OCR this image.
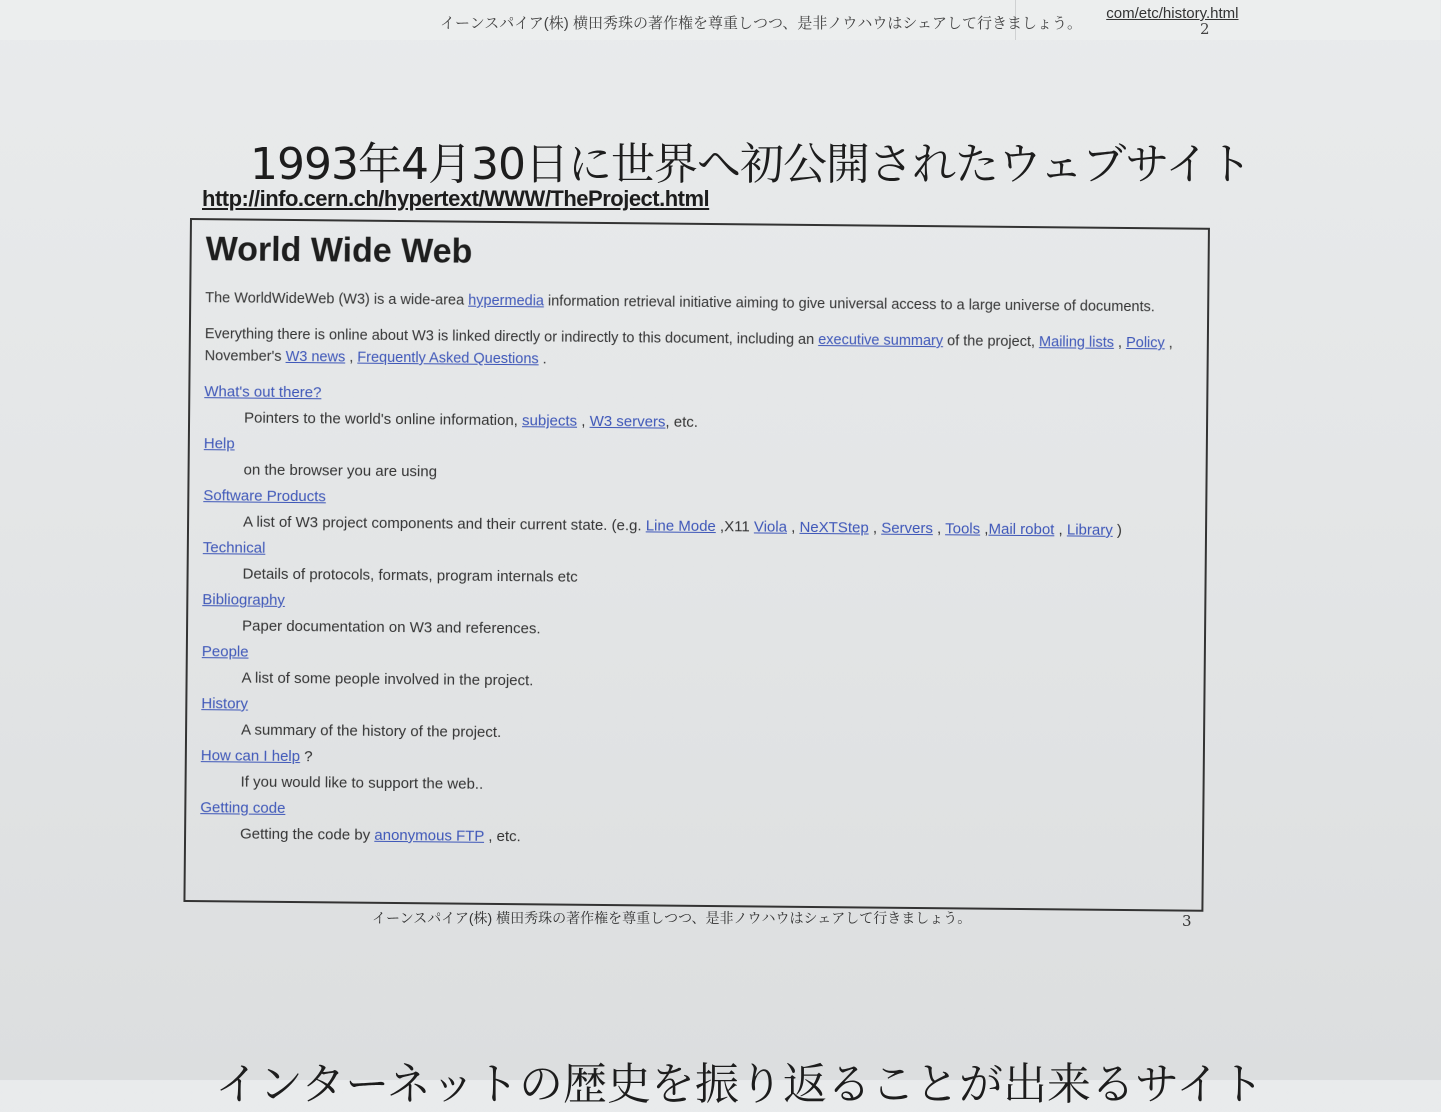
イーンスパイア(株) 横田秀珠の著作権を尊重しつつ、是非ノウハウはシェアして行きましょう。 com/etc/history.html
2
1993年4月30日に世界へ初公開されたウェブサイト
http://info.cern.ch/hypertext/WWW/TheProject.html
World Wide Web

The WorldWideWeb (W3) is a wide-area hypermedia information retrieval initiative aiming to give universal access to a large universe of documents.

Everything there is online about W3 is linked directly or indirectly to this document, including an executive summary of the project, Mailing lists , Policy , November's W3 news , Frequently Asked Questions .

What's out there?
Pointers to the world's online information, subjects , W3 servers, etc.
Help
on the browser you are using
Software Products
A list of W3 project components and their current state. (e.g. Line Mode ,X11 Viola , NeXTStep , Servers , Tools ,Mail robot , Library )
Technical
Details of protocols, formats, program internals etc
Bibliography
Paper documentation on W3 and references.
People
A list of some people involved in the project.
History
A summary of the history of the project.
How can I help ?
If you would like to support the web..
Getting code
Getting the code by anonymous FTP , etc.
イーンスパイア(株) 横田秀珠の著作権を尊重しつつ、是非ノウハウはシェアして行きましょう。	3
インターネットの歴史を振り返ることが出来るサイト
